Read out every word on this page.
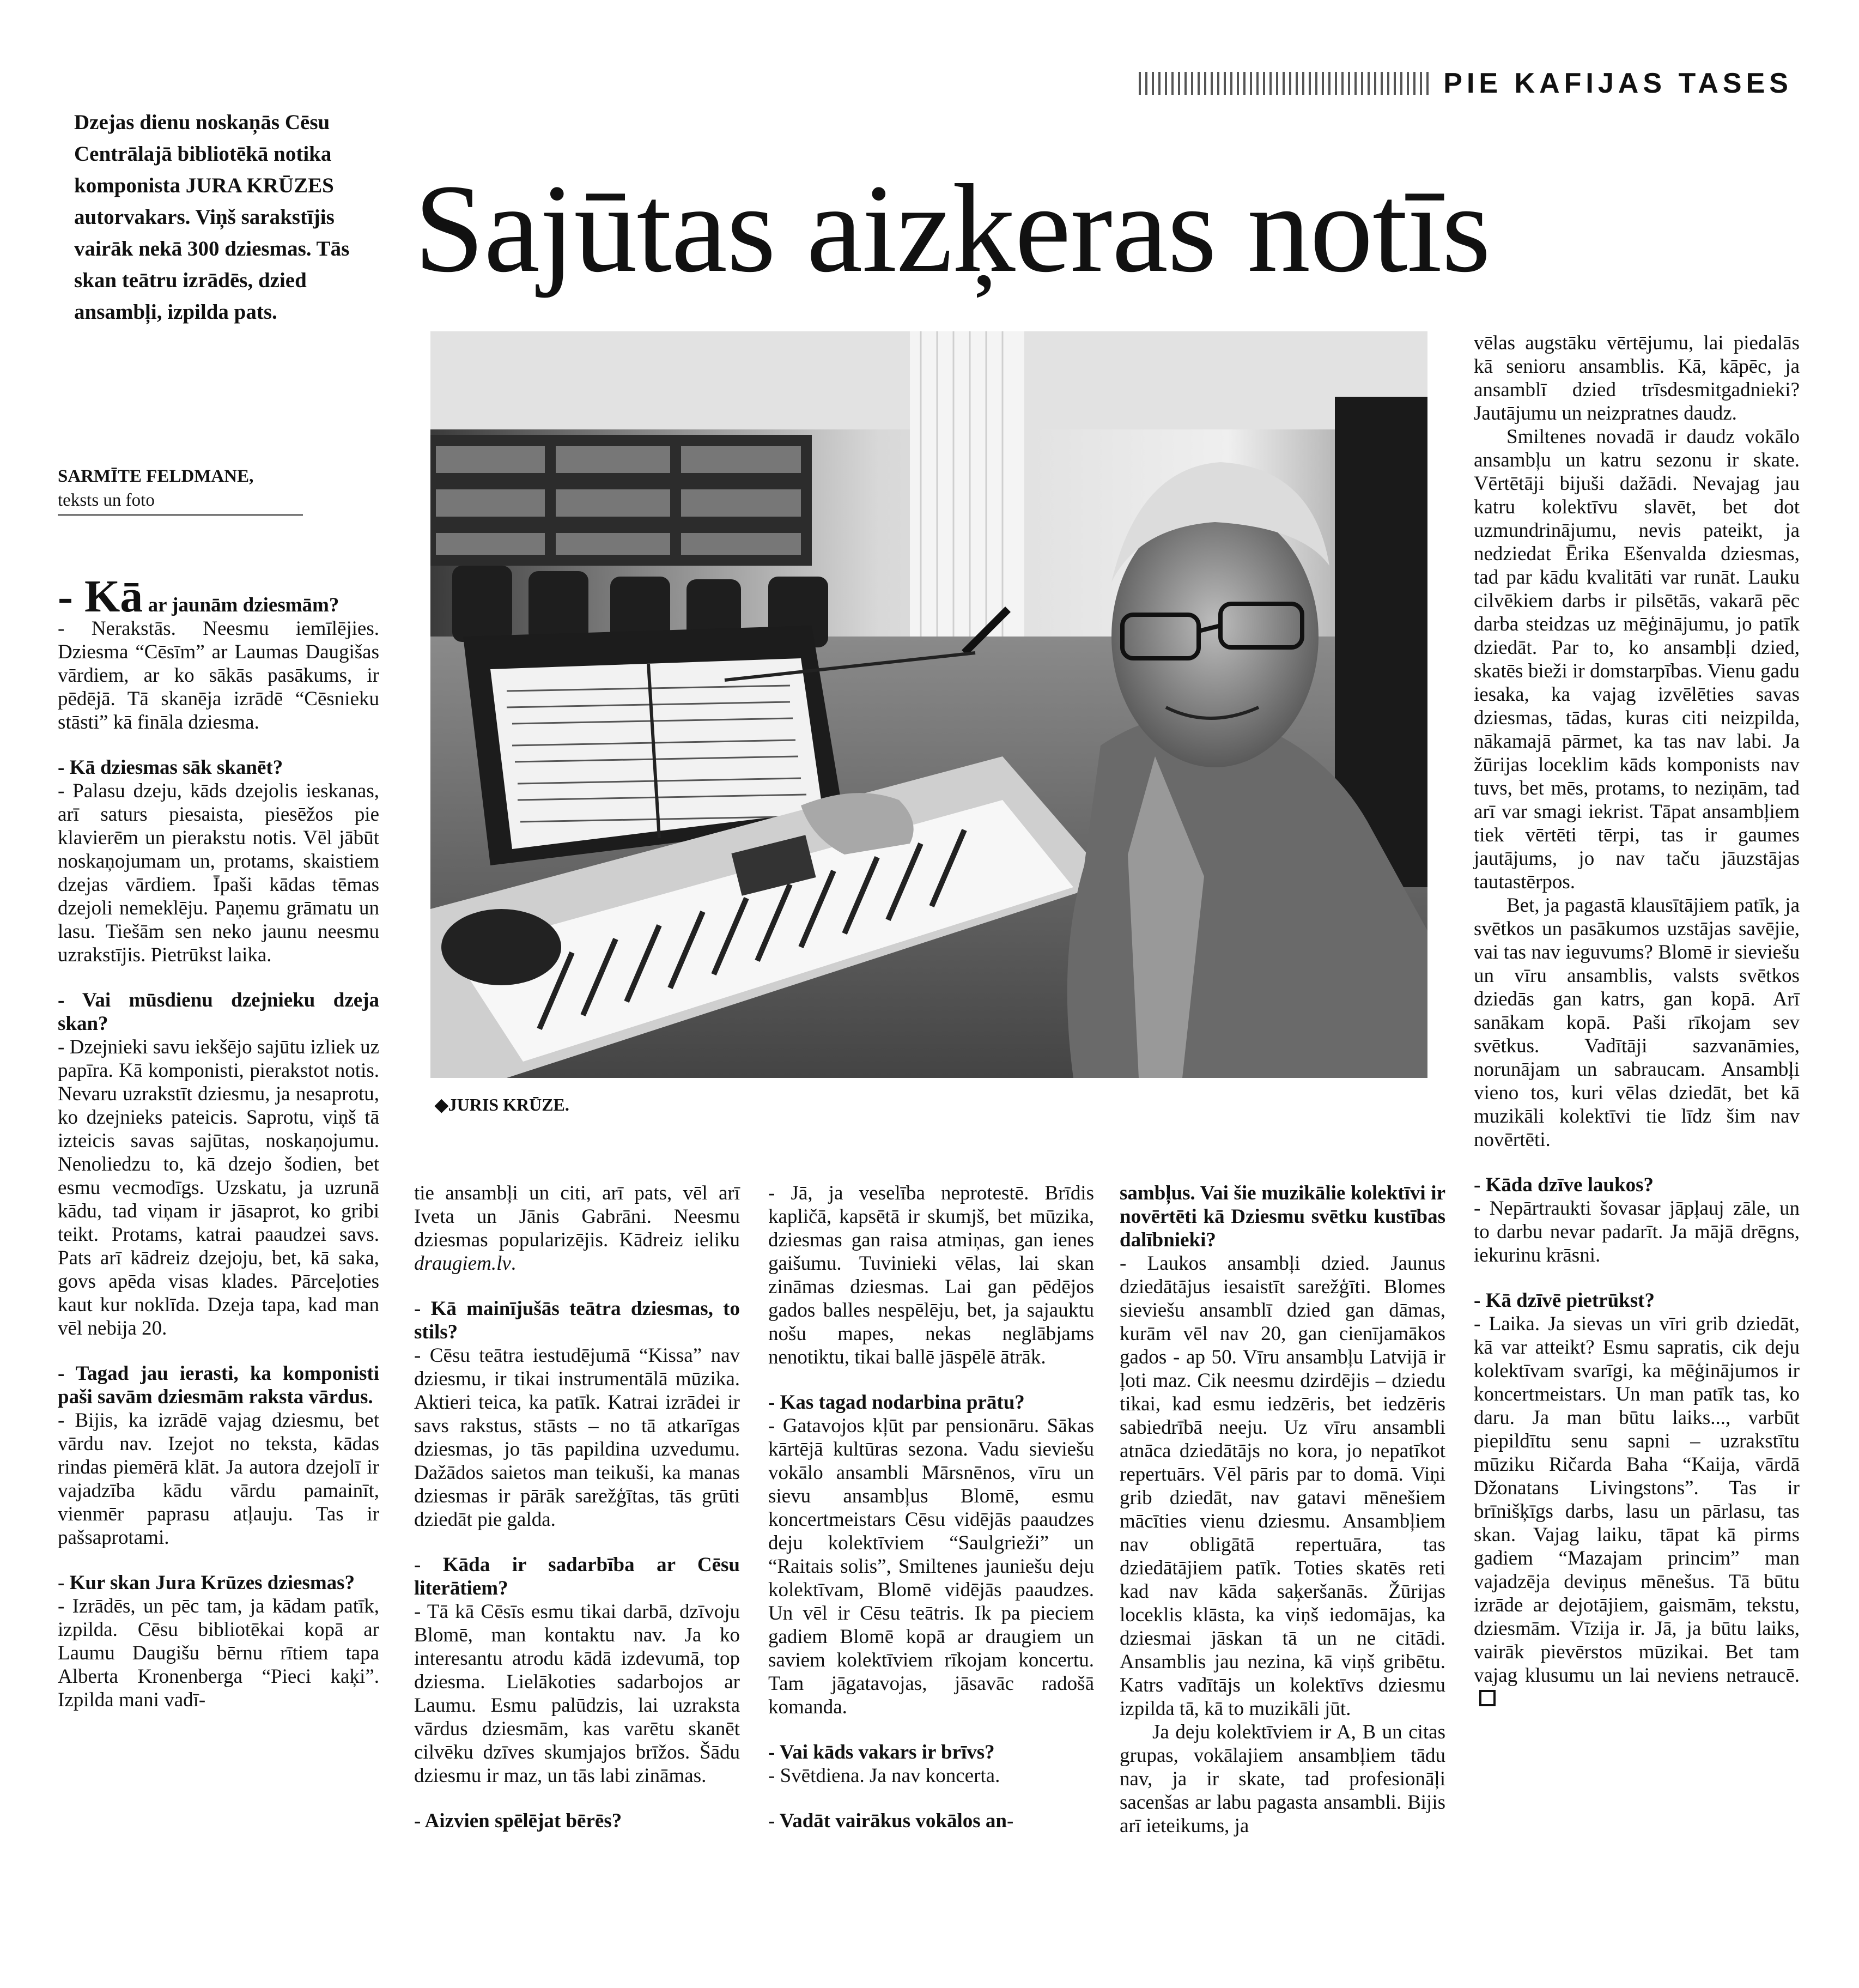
PIE KAFIJAS TASES
Dzejas dienu noskaņās Cēsu Centrālajā bibliotēkā notika komponista JURA KRŪZES autorvakars. Viņš sarakstījis vairāk nekā 300 dziesmas. Tās skan teātru izrādēs, dzied ansambļi, izpilda pats.
Sajūtas aizķeras notīs
SARMĪTE FELDMANE,
teksts un foto
◆JURIS KRŪZE.

- Kā ar jaunām dziesmām?

- Nerakstās. Neesmu iemīlējies. Dziesma “Cēsīm” ar Laumas Daugišas vārdiem, ar ko sākās pasākums, ir pēdējā. Tā skanēja izrādē “Cēsnieku stāsti” kā fināla dziesma.

- Kā dziesmas sāk skanēt?

- Palasu dzeju, kāds dzejolis ieskanas, arī saturs piesaista, piesēžos pie klavierēm un pierakstu notis. Vēl jābūt noskaņojumam un, protams, skaistiem dzejas vārdiem. Īpaši kādas tēmas dzejoli nemeklēju. Paņemu grāmatu un lasu. Tiešām sen neko jaunu neesmu uzrakstījis. Pietrūkst laika.

- Vai mūsdienu dzejnieku dzeja skan?

- Dzejnieki savu iekšējo sajūtu izliek uz papīra. Kā komponisti, pierakstot notis. Nevaru uzrakstīt dziesmu, ja nesaprotu, ko dzejnieks pateicis. Saprotu, viņš tā izteicis savas sajūtas, noskaņojumu. Nenoliedzu to, kā dzejo šodien, bet esmu vecmodīgs. Uzskatu, ja uzrunā kādu, tad viņam ir jāsaprot, ko gribi teikt. Protams, katrai paaudzei savs. Pats arī kādreiz dzejoju, bet, kā saka, govs apēda visas klades. Pārceļoties kaut kur noklīda. Dzeja tapa, kad man vēl nebija 20.

- Tagad jau ierasti, ka komponisti paši savām dziesmām raksta vārdus.

- Bijis, ka izrādē vajag dziesmu, bet vārdu nav. Izejot no teksta, kādas rindas piemērā klāt. Ja autora dzejolī ir vajadzība kādu vārdu pamainīt, vienmēr paprasu atļauju. Tas ir pašsaprotami.

- Kur skan Jura Krūzes dziesmas?

- Izrādēs, un pēc tam, ja kādam patīk, izpilda. Cēsu bibliotēkai kopā ar Laumu Daugišu bērnu rītiem tapa Alberta Kronenberga “Pieci kaķi”. Izpilda mani vadī-

tie ansambļi un citi, arī pats, vēl arī Iveta un Jānis Gabrāni. Neesmu dziesmas popularizējis. Kādreiz ieliku draugiem.lv.

- Kā mainījušās teātra dziesmas, to stils?

- Cēsu teātra iestudējumā “Kissa” nav dziesmu, ir tikai instrumentālā mūzika. Aktieri teica, ka patīk. Katrai izrādei ir savs rakstus, stāsts – no tā atkarīgas dziesmas, jo tās papildina uzvedumu. Dažādos saietos man teikuši, ka manas dziesmas ir pārāk sarežģītas, tās grūti dziedāt pie galda.

- Kāda ir sadarbība ar Cēsu literātiem?

- Tā kā Cēsīs esmu tikai darbā, dzīvoju Blomē, man kontaktu nav. Ja ko interesantu atrodu kādā izdevumā, top dziesma. Lielākoties sadarbojos ar Laumu. Esmu palūdzis, lai uzraksta vārdus dziesmām, kas varētu skanēt cilvēku dzīves skumjajos brīžos. Šādu dziesmu ir maz, un tās labi zināmas.

- Aizvien spēlējat bērēs?

- Jā, ja veselība neprotestē. Brīdis kapličā, kapsētā ir skumjš, bet mūzika, dziesmas gan raisa atmiņas, gan ienes gaišumu. Tuvinieki vēlas, lai skan zināmas dziesmas. Lai gan pēdējos gados balles nespēlēju, bet, ja sajauktu nošu mapes, nekas neglābjams nenotiktu, tikai ballē jāspēlē ātrāk.

- Kas tagad nodarbina prātu?

- Gatavojos kļūt par pensionāru. Sākas kārtējā kultūras sezona. Vadu sieviešu vokālo ansambli Mārsnēnos, vīru un sievu ansambļus Blomē, esmu koncertmeistars Cēsu vidējās paaudzes deju kolektīviem “Saulgrieži” un “Raitais solis”, Smiltenes jauniešu deju kolektīvam, Blomē vidējās paaudzes. Un vēl ir Cēsu teātris. Ik pa pieciem gadiem Blomē kopā ar draugiem un saviem kolektīviem rīkojam koncertu. Tam jāgatavojas, jāsavāc radošā komanda.

- Vai kāds vakars ir brīvs?

- Svētdiena. Ja nav koncerta.

- Vadāt vairākus vokālos an-

sambļus. Vai šie muzikālie kolektīvi ir novērtēti kā Dziesmu svētku kustības dalībnieki?

- Laukos ansambļi dzied. Jaunus dziedātājus iesaistīt sarežģīti. Blomes sieviešu ansamblī dzied gan dāmas, kurām vēl nav 20, gan cienījamākos gados - ap 50. Vīru ansambļu Latvijā ir ļoti maz. Cik neesmu dzirdējis – dziedu tikai, kad esmu iedzēris, bet iedzēris sabiedrībā neeju. Uz vīru ansambli atnāca dziedātājs no kora, jo nepatīkot repertuārs. Vēl pāris par to domā. Viņi grib dziedāt, nav gatavi mēnešiem mācīties vienu dziesmu. Ansambļiem nav obligātā repertuāra, tas dziedātājiem patīk. Toties skatēs reti kad nav kāda saķeršanās. Žūrijas loceklis klāsta, ka viņš iedomājas, ka dziesmai jāskan tā un ne citādi. Ansamblis jau nezina, kā viņš gribētu. Katrs vadītājs un kolektīvs dziesmu izpilda tā, kā to muzikāli jūt.

Ja deju kolektīviem ir A, B un citas grupas, vokālajiem ansambļiem tādu nav, ja ir skate, tad profesionāļi sacenšas ar labu pagasta ansambli. Bijis arī ieteikums, ja

vēlas augstāku vērtējumu, lai piedalās kā senioru ansamblis. Kā, kāpēc, ja ansamblī dzied trīsdesmitgadnieki? Jautājumu un neizpratnes daudz.

Smiltenes novadā ir daudz vokālo ansambļu un katru sezonu ir skate. Vērtētāji bijuši dažādi. Nevajag jau katru kolektīvu slavēt, bet dot uzmundrinājumu, nevis pateikt, ja nedziedat Ērika Ešenvalda dziesmas, tad par kādu kvalitāti var runāt. Lauku cilvēkiem darbs ir pilsētās, vakarā pēc darba steidzas uz mēģinājumu, jo patīk dziedāt. Par to, ko ansambļi dzied, skatēs bieži ir domstarpības. Vienu gadu iesaka, ka vajag izvēlēties savas dziesmas, tādas, kuras citi neizpilda, nākamajā pārmet, ka tas nav labi. Ja žūrijas loceklim kāds komponists nav tuvs, bet mēs, protams, to neziņām, tad arī var smagi iekrist. Tāpat ansambļiem tiek vērtēti tērpi, tas ir gaumes jautājums, jo nav taču jāuzstājas tautastērpos.

Bet, ja pagastā klausītājiem patīk, ja svētkos un pasākumos uzstājas savējie, vai tas nav ieguvums? Blomē ir sieviešu un vīru ansamblis, valsts svētkos dziedās gan katrs, gan kopā. Arī sanākam kopā. Paši rīkojam sev svētkus. Vadītāji sazvanāmies, norunājam un sabraucam. Ansambļi vieno tos, kuri vēlas dziedāt, bet kā muzikāli kolektīvi tie līdz šim nav novērtēti.

- Kāda dzīve laukos?

- Nepārtraukti šovasar jāpļauj zāle, un to darbu nevar padarīt. Ja mājā drēgns, iekurinu krāsni.

- Kā dzīvē pietrūkst?

- Laika. Ja sievas un vīri grib dziedāt, kā var atteikt? Esmu sapratis, cik deju kolektīvam svarīgi, ka mēģinājumos ir koncertmeistars. Un man patīk tas, ko daru. Ja man būtu laiks..., varbūt piepildītu senu sapni – uzrakstītu mūziku Ričarda Baha “Kaija, vārdā Džonatans Livingstons”. Tas ir brīnišķīgs darbs, lasu un pārlasu, tas skan. Vajag laiku, tāpat kā pirms gadiem “Mazajam princim” man vajadzēja deviņus mēnešus. Tā būtu izrāde ar dejotājiem, gaismām, tekstu, dziesmām. Vīzija ir. Jā, ja būtu laiks, vairāk pievērstos mūzikai. Bet tam vajag klusumu un lai neviens netraucē.
